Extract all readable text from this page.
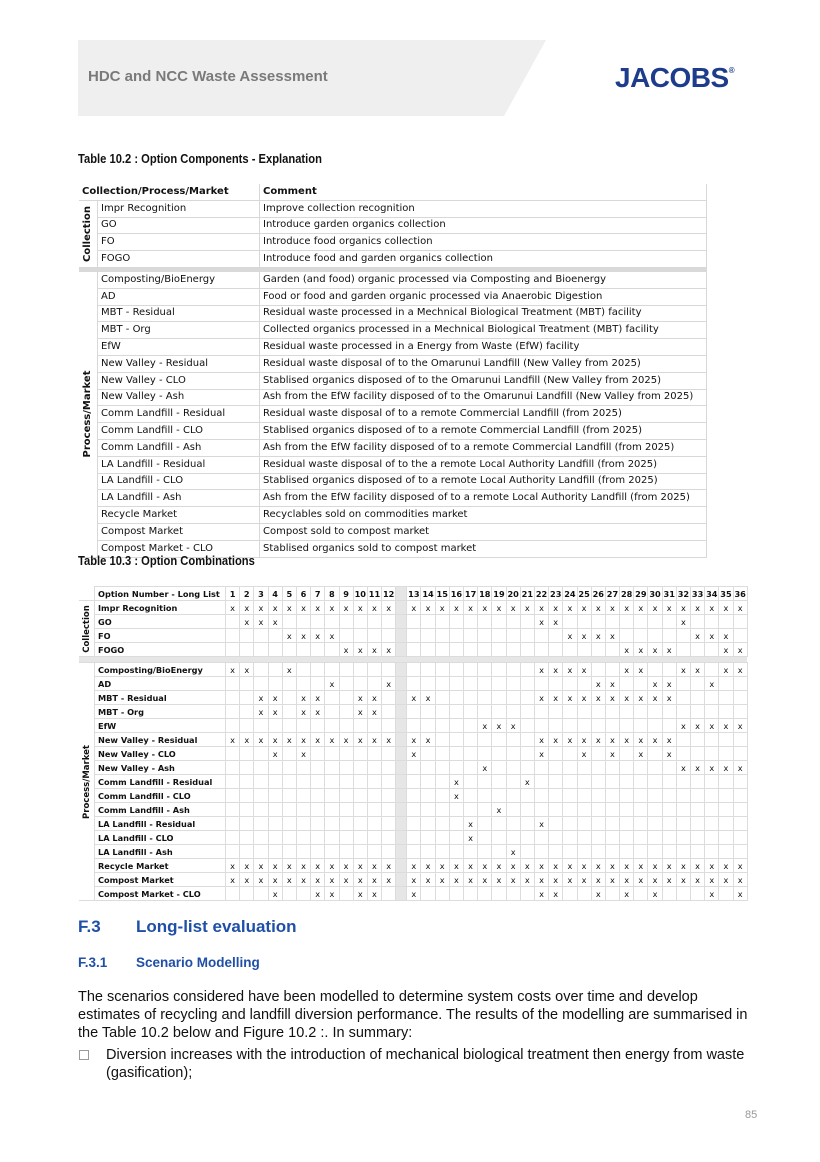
HDC and NCC Waste Assessment	JACOBS®
Table 10.2 : Option Components - Explanation
Collection/Process/Market		Comment

Collection	Impr Recognition	Improve collection recognition
	GO	Introduce garden organics collection
	FO	Introduce food organics collection
	FOGO	Introduce food and garden organics collection

Process/Market	Composting/BioEnergy	Garden (and food) organic processed via Composting and Bioenergy
	AD	Food or food and garden organic processed via Anaerobic Digestion
	MBT - Residual	Residual waste processed in a Mechnical Biological Treatment (MBT) facility
	MBT - Org	Collected organics processed in a Mechnical Biological Treatment (MBT) facility
	EfW	Residual waste processed in a Energy from Waste (EfW) facility
	New Valley - Residual	Residual waste disposal of to the Omarunui Landfill (New Valley from 2025)
	New Valley - CLO	Stablised organics disposed of to the Omarunui Landfill (New Valley from 2025)
	New Valley - Ash	Ash from the EfW facility disposed of to the Omarunui Landfill (New Valley from 2025)
	Comm Landfill - Residual	Residual waste disposal of to a remote Commercial Landfill (from 2025)
	Comm Landfill - CLO	Stablised organics disposed of to a remote Commercial Landfill (from 2025)
	Comm Landfill - Ash	Ash from the EfW facility disposed of to a remote Commercial Landfill (from 2025)
	LA Landfill - Residual	Residual waste disposal of to the a remote Local Authority Landfill (from 2025)
	LA Landfill - CLO	Stablised organics disposed of to a remote Local Authority Landfill (from 2025)
	LA Landfill - Ash	Ash from the EfW facility disposed of to a remote Local Authority Landfill (from 2025)
	Recycle Market	Recyclables sold on commodities market
	Compost Market	Compost sold to compost market
	Compost Market - CLO	Stablised organics sold to compost market
Table 10.3 : Option Combinations
	Option Number - Long List	1	2	3	4	5	6	7	8	9	10	11	12		13	14	15	16	17	18	19	20	21	22	23	24	25	26	27	28	29	30	31	32	33	34	35	36

Collection	Impr Recognition	x	x	x	x	x	x	x	x	x	x	x	x		x	x	x	x	x	x	x	x	x	x	x	x	x	x	x	x	x	x	x	x	x	x	x	x
	GO		x	x	x																			x	x									x				
	FO					x	x	x	x																	x	x	x	x						x	x	x	
	FOGO									x	x	x	x																	x	x	x	x				x	x

Process/Market	Composting/BioEnergy	x	x			x																		x	x	x	x			x	x			x	x		x	x
	AD								x				x															x	x			x	x			x		
	MBT - Residual			x	x		x	x			x	x			x	x								x	x	x	x	x	x	x	x	x	x					
	MBT - Org			x	x		x	x			x	x																										
	EfW																			x	x	x												x	x	x	x	x
	New Valley - Residual	x	x	x	x	x	x	x	x	x	x	x	x		x	x								x	x	x	x	x	x	x	x	x	x					
	New Valley - CLO				x		x								x									x			x		x		x		x					
	New Valley - Ash																			x														x	x	x	x	x
	Comm Landfill - Residual																	x					x															
	Comm Landfill - CLO																	x																				
	Comm Landfill - Ash																				x																	
	LA Landfill - Residual																		x					x														
	LA Landfill - CLO																		x																			
	LA Landfill - Ash																					x																
	Recycle Market	x	x	x	x	x	x	x	x	x	x	x	x		x	x	x	x	x	x	x	x	x	x	x	x	x	x	x	x	x	x	x	x	x	x	x	x
	Compost Market	x	x	x	x	x	x	x	x	x	x	x	x		x	x	x	x	x	x	x	x	x	x	x	x	x	x	x	x	x	x	x	x	x	x	x	x
	Compost Market - CLO				x			x	x		x	x			x									x	x			x		x		x				x		x
F.3 Long-list evaluation
F.3.1 Scenario Modelling
The scenarios considered have been modelled to determine system costs over time and develop estimates of recycling and landfill diversion performance. The results of the modelling are summarised in the Table 10.2 below and Figure 10.2 :. In summary:
Diversion increases with the introduction of mechanical biological treatment then energy from waste (gasification);
85
